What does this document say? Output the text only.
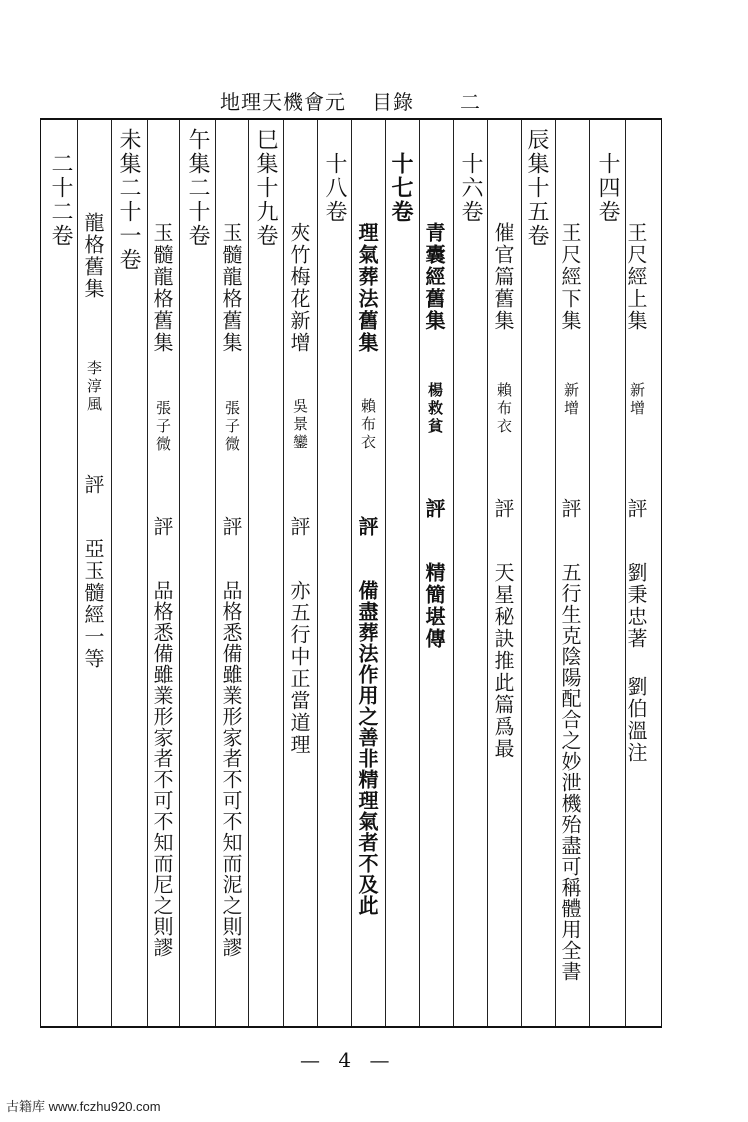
地理天機會元 目錄 二
王尺經上集
新增
評
劉秉忠著
劉伯溫注
十四卷
王尺經下集
新增
評
五行生克陰陽配合之妙泄機殆盡可稱體用全書
辰集十五卷
催官篇舊集
賴布衣
評
天星秘訣推此篇爲最
十六卷
青囊經舊集
楊救貧
評
精簡堪傳
十七卷
理氣葬法舊集
賴布衣
評
備盡葬法作用之善非精理氣者不及此
十八卷
夾竹梅花新增
吳景鑾
評
亦五行中正當道理
巳集十九卷
玉髓龍格舊集
張子微
評
品格悉備雖業形家者不可不知而泥之則謬
午集二十卷
玉髓龍格舊集
張子微
評
品格悉備雖業形家者不可不知而尼之則謬
未集二十一卷
龍格舊集
李淳風
評
亞玉髓經一等
二十二卷
— 4 —
古籍库 www.fczhu920.com
